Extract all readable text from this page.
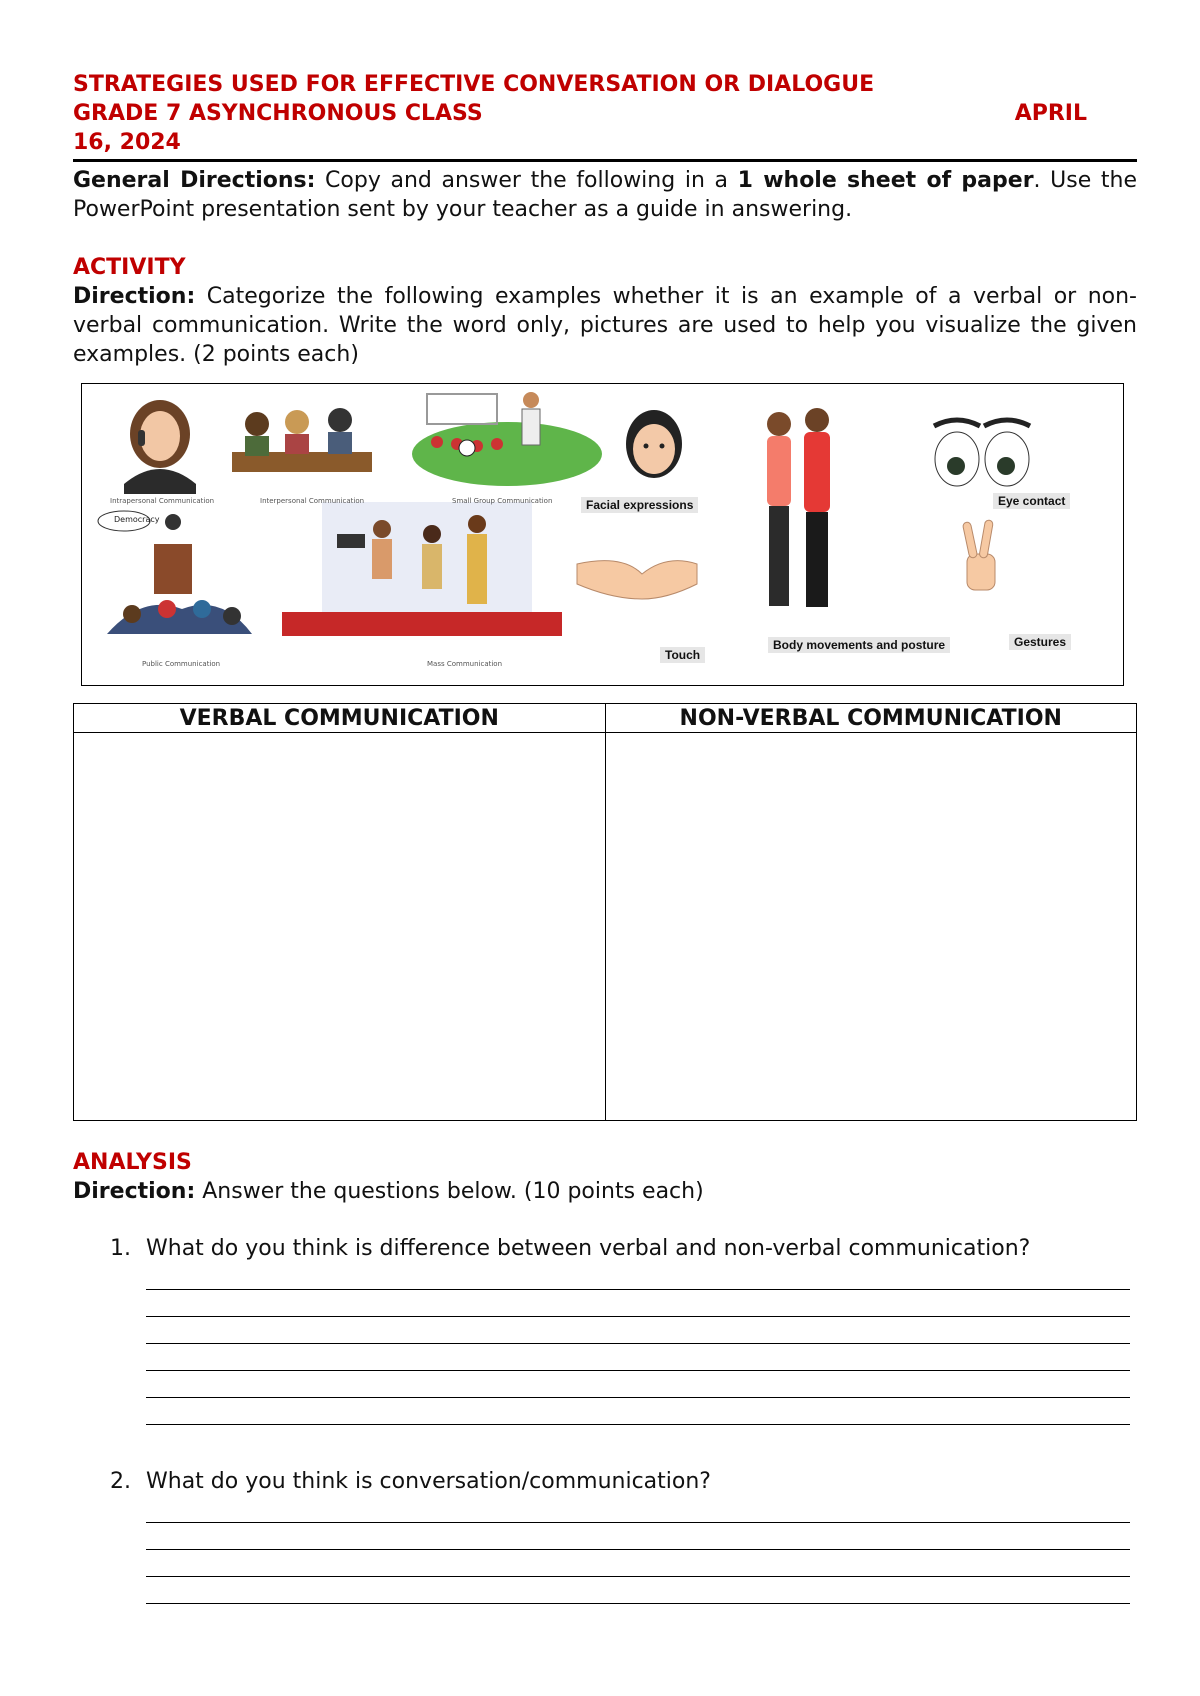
STRATEGIES USED FOR EFFECTIVE CONVERSATION OR DIALOGUE
GRADE 7 ASYNCHRONOUS CLASS	APRIL
16, 2024

General Directions: Copy and answer the following in a 1 whole sheet of paper. Use the PowerPoint presentation sent by your teacher as a guide in answering.

ACTIVITY

Direction: Categorize the following examples whether it is an example of a verbal or non-verbal communication. Write the word only, pictures are used to help you visualize the given examples. (2 points each)

Intrapersonal Communication	Interpersonal Communication	Small Group Communication
Democracy
Public Communication	Mass Communication
Facial expressions	Eye contact
Touch
Body movements and posture	Gestures
VERBAL COMMUNICATION	NON-VERBAL COMMUNICATION

ANALYSIS

Direction: Answer the questions below. (10 points each)

1. What do you think is difference between verbal and non-verbal communication?
2. What do you think is conversation/communication?
